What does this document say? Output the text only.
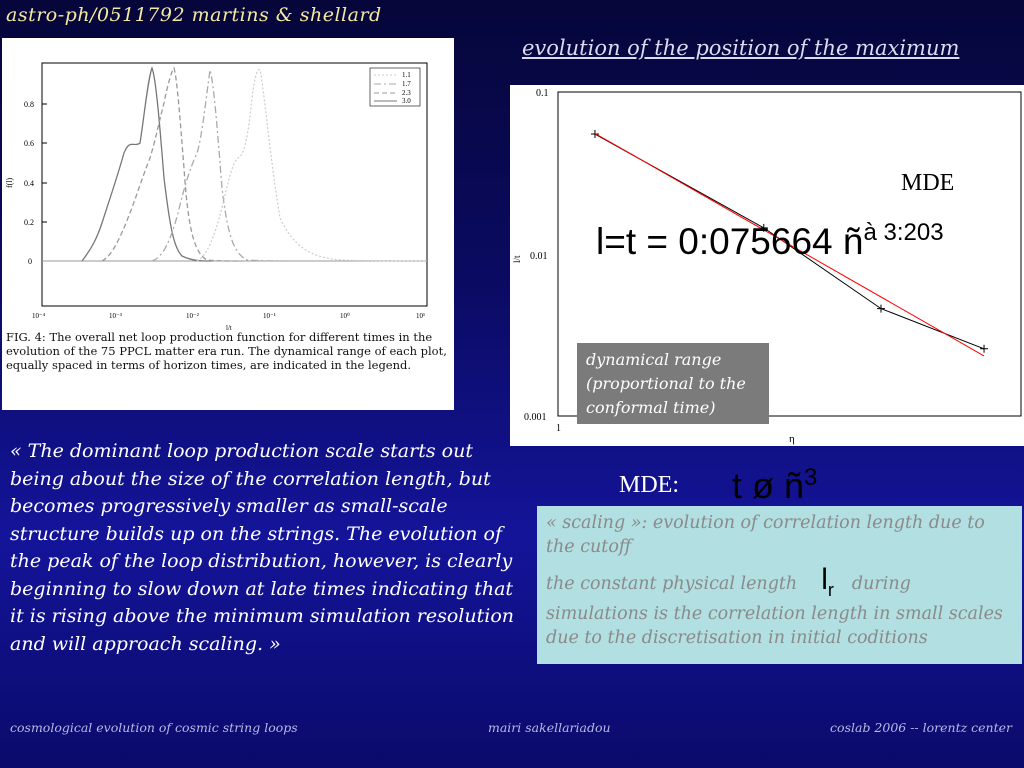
astro-ph/0511792 martins & shellard
evolution of the position of the maximum
0
0.2
0.4
0.6
0.8
10⁻⁴	10⁻³	10⁻²	10⁻¹	10⁰	10¹
l/t
f(l)
1.1
1.7
2.3
3.0
FIG. 4: The overall net loop production function for different times in the evolution of the 75 PPCL matter era run. The dynamical range of each plot, equally spaced in terms of horizon times, are indicated in the legend.
0.1
0.01
0.001
1
η
l/t
MDE
l=t = 0:075664 $ñ^{à 3:203}$
dynamical range (proportional to the conformal time)
« The dominant loop production scale starts out being about the size of the correlation length, but becomes progressively smaller as small-scale structure builds up on the strings. The evolution of the peak of the loop distribution, however, is clearly beginning to slow down at late times indicating that it is rising above the minimum simulation resolution and will approach scaling. »
MDE: t ø $ñ^3$

« scaling »: evolution of correlation length due to the cutoff

the constant physical length $l_r$ during simulations is the correlation length in small scales due to the discretisation in initial coditions

cosmological evolution of cosmic string loops	mairi sakellariadou	coslab 2006 -- lorentz center
